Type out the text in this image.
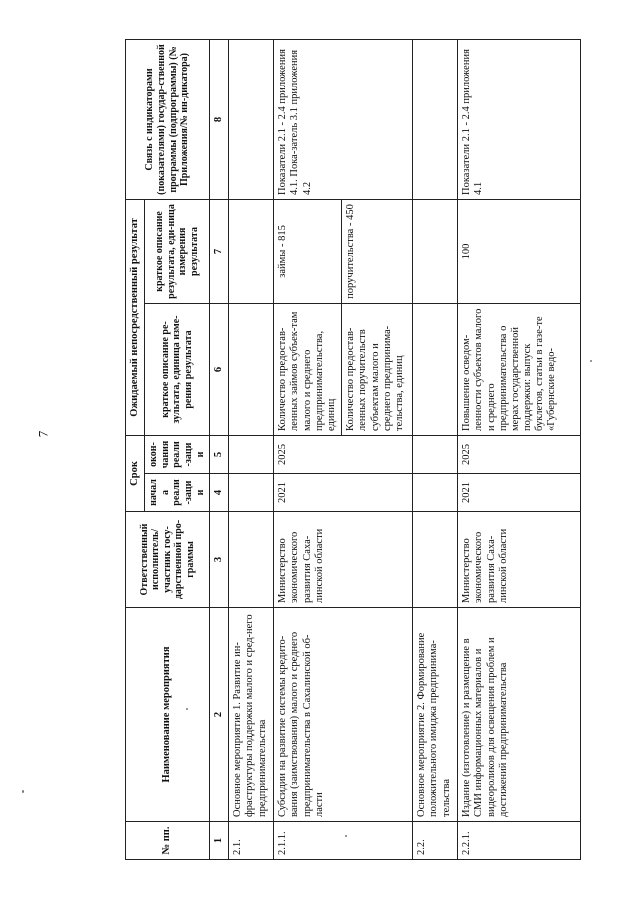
7
№ пп.	Наименование мероприятия	Ответственный исполнитель/ участник госу-дарственной про-граммы	Срок		Ожидаемый непосредственный результат		Связь с индикаторами (показателями) государ-ственной программы (подпрограммы) (№ Приложения/№ ин-дикатора)
			начала реали-зации	окон-чания реали-зации	краткое описание ре-зультата, единица изме-рения результата	краткое описание результата, еди-ница измерения результата	
1	2	3	4	5	6	7	8
2.1.	Основное мероприятие 1. Развитие ин-фраструктуры поддержки малого и сред-него предпринимательства						
2.1.1.	Субсидии на развитие системы кредито-вания (заимствования) малого и среднего предпринимательства в Сахалинской об-ласти	Министерство экономического развития Саха-линской области	2021	2025	Количество предостав-ленных займов субъек-там малого и среднего предпринимательства, единиц	займы - 815	Показатели 2.1 - 2.4 приложения 4.1. Пока-затель 3.1 приложения 4.2
					Количество предостав-ленных поручительств субъектам малого и среднего предпринима-тельства, единиц	поручительства - 450	
2.2.	Основное мероприятие 2. Формирование положительного имиджа предпринима-тельства						
2.2.1.	Издание (изготовление) и размещение в СМИ информационных материалов и видеороликов для освещения проблем и достижений предпринимательства	Министерство экономического развития Саха-линской области	2021	2025	Повышение осведом-ленности субъектов малого и среднего предпринимательства о мерах государственной поддержки: выпуск буклетов, статьи в газе-те «Губернские ведо-	100	Показатели 2.1 - 2.4 приложения 4.1
